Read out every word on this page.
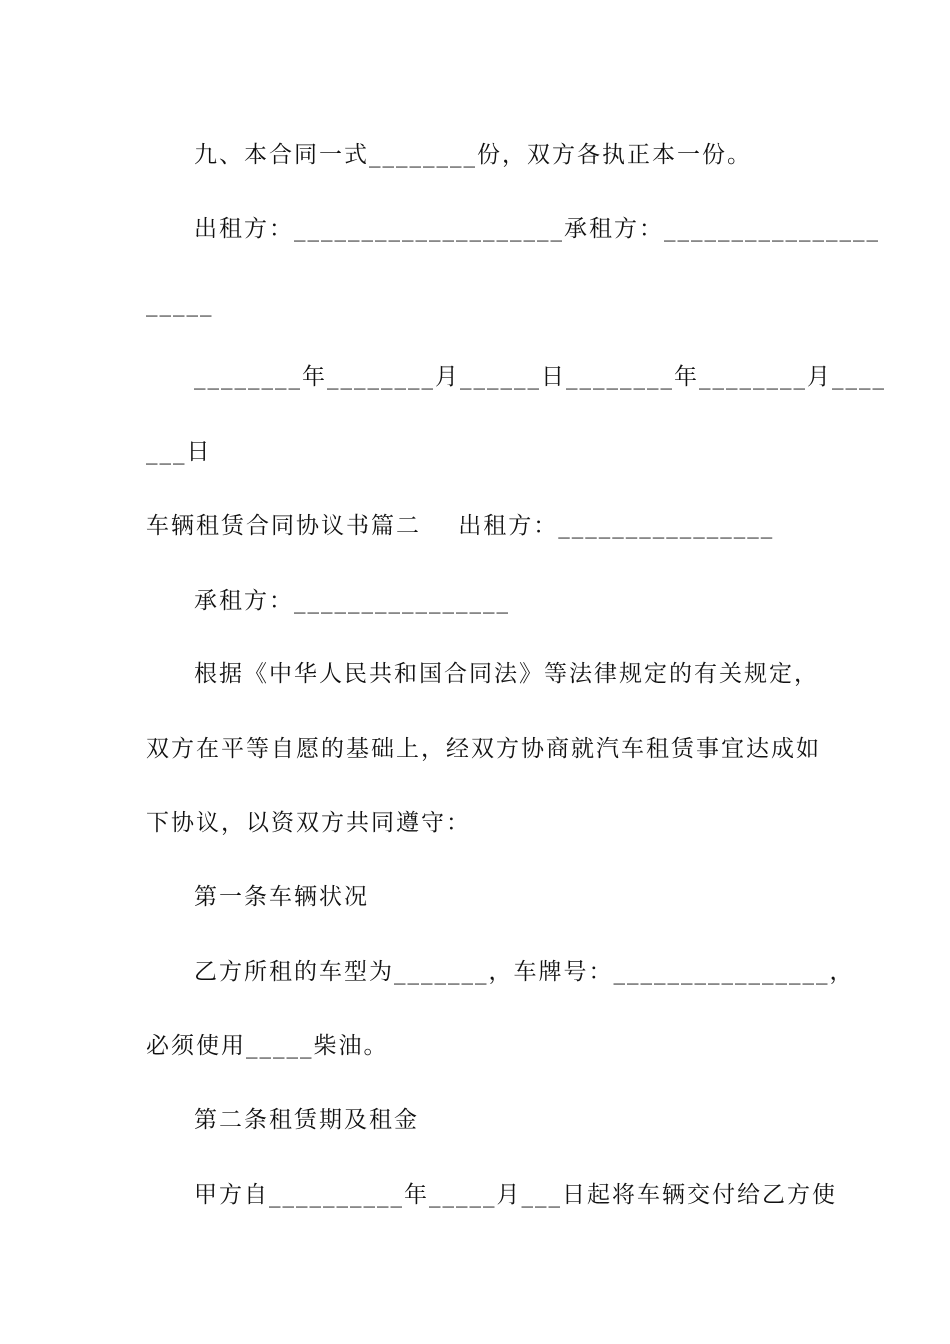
九、本合同一式________份，双方各执正本一份。
出租方：____________________承租方：________________
_____
________年________月______日________年________月____
___日
车辆租赁合同协议书篇二    出租方：________________
承租方：________________
根据《中华人民共和国合同法》等法律规定的有关规定，
双方在平等自愿的基础上，经双方协商就汽车租赁事宜达成如
下协议，以资双方共同遵守：
第一条车辆状况
乙方所租的车型为_______，车牌号：________________，
必须使用_____柴油。
第二条租赁期及租金
甲方自__________年_____月___日起将车辆交付给乙方使
